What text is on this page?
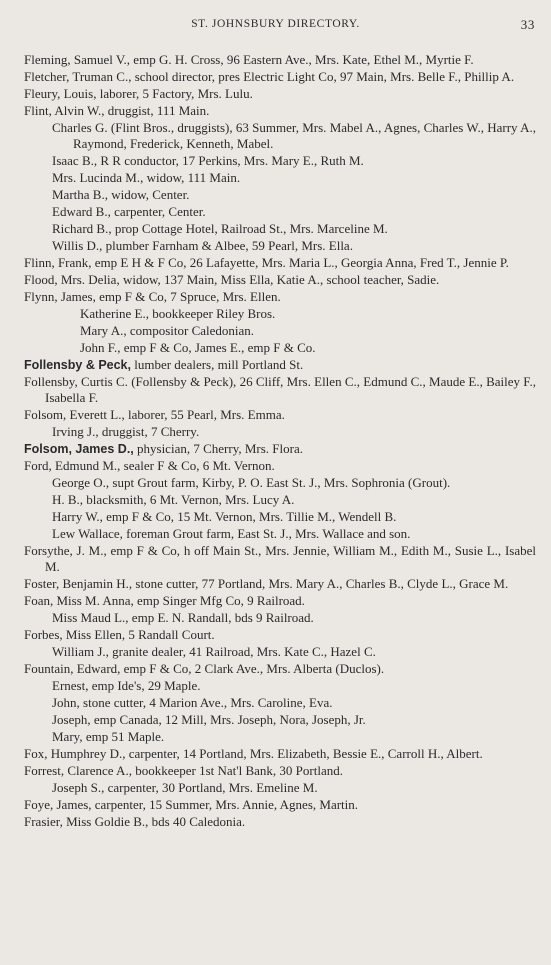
ST. JOHNSBURY DIRECTORY.	33

Fleming, Samuel V., emp G. H. Cross, 96 Eastern Ave., Mrs. Kate, Ethel M., Myrtie F.

Fletcher, Truman C., school director, pres Electric Light Co, 97 Main, Mrs. Belle F., Phillip A.

Fleury, Louis, laborer, 5 Factory, Mrs. Lulu.

Flint, Alvin W., druggist, 111 Main.

Charles G. (Flint Bros., druggists), 63 Summer, Mrs. Mabel A., Agnes, Charles W., Harry A., Raymond, Frederick, Kenneth, Mabel.

Isaac B., R R conductor, 17 Perkins, Mrs. Mary E., Ruth M.

Mrs. Lucinda M., widow, 111 Main.

Martha B., widow, Center.

Edward B., carpenter, Center.

Richard B., prop Cottage Hotel, Railroad St., Mrs. Marceline M.

Willis D., plumber Farnham & Albee, 59 Pearl, Mrs. Ella.

Flinn, Frank, emp E H & F Co, 26 Lafayette, Mrs. Maria L., Georgia Anna, Fred T., Jennie P.

Flood, Mrs. Delia, widow, 137 Main, Miss Ella, Katie A., school teacher, Sadie.

Flynn, James, emp F & Co, 7 Spruce, Mrs. Ellen.

Katherine E., bookkeeper Riley Bros.

Mary A., compositor Caledonian.

John F., emp F & Co, James E., emp F & Co.

Follensby & Peck, lumber dealers, mill Portland St.

Follensby, Curtis C. (Follensby & Peck), 26 Cliff, Mrs. Ellen C., Edmund C., Maude E., Bailey F., Isabella F.

Folsom, Everett L., laborer, 55 Pearl, Mrs. Emma.

Irving J., druggist, 7 Cherry.

Folsom, James D., physician, 7 Cherry, Mrs. Flora.

Ford, Edmund M., sealer F & Co, 6 Mt. Vernon.

George O., supt Grout farm, Kirby, P. O. East St. J., Mrs. Sophronia (Grout).

H. B., blacksmith, 6 Mt. Vernon, Mrs. Lucy A.

Harry W., emp F & Co, 15 Mt. Vernon, Mrs. Tillie M., Wendell B.

Lew Wallace, foreman Grout farm, East St. J., Mrs. Wallace and son.

Forsythe, J. M., emp F & Co, h off Main St., Mrs. Jennie, William M., Edith M., Susie L., Isabel M.

Foster, Benjamin H., stone cutter, 77 Portland, Mrs. Mary A., Charles B., Clyde L., Grace M.

Foan, Miss M. Anna, emp Singer Mfg Co, 9 Railroad.

Miss Maud L., emp E. N. Randall, bds 9 Railroad.

Forbes, Miss Ellen, 5 Randall Court.

William J., granite dealer, 41 Railroad, Mrs. Kate C., Hazel C.

Fountain, Edward, emp F & Co, 2 Clark Ave., Mrs. Alberta (Duclos).

Ernest, emp Ide's, 29 Maple.

John, stone cutter, 4 Marion Ave., Mrs. Caroline, Eva.

Joseph, emp Canada, 12 Mill, Mrs. Joseph, Nora, Joseph, Jr.

Mary, emp 51 Maple.

Fox, Humphrey D., carpenter, 14 Portland, Mrs. Elizabeth, Bessie E., Carroll H., Albert.

Forrest, Clarence A., bookkeeper 1st Nat'l Bank, 30 Portland.

Joseph S., carpenter, 30 Portland, Mrs. Emeline M.

Foye, James, carpenter, 15 Summer, Mrs. Annie, Agnes, Martin.

Frasier, Miss Goldie B., bds 40 Caledonia.
